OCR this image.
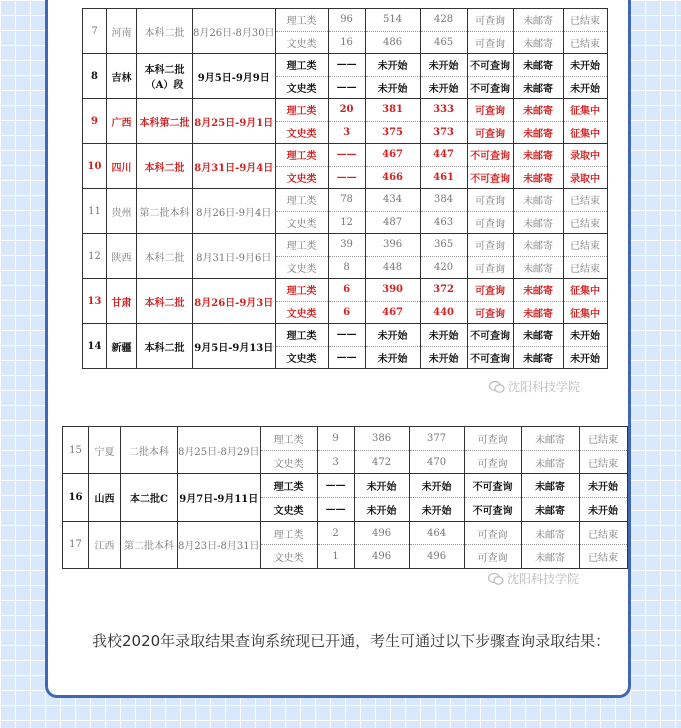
7	河南	本科二批	8月26日-8月30日	理工类	96	514	428	可查询	未邮寄	已结束
				文史类	16	486	465	可查询	未邮寄	已结束
8	吉林	本科二批（A）段	9月5日-9月9日	理工类	——	未开始	未开始	不可查询	未邮寄	未开始
				文史类	——	未开始	未开始	不可查询	未邮寄	未开始
9	广西	本科第二批	8月25日-9月1日	理工类	20	381	333	可查询	未邮寄	征集中
				文史类	3	375	373	可查询	未邮寄	征集中
10	四川	本科二批	8月31日-9月4日	理工类	——	467	447	不可查询	未邮寄	录取中
				文史类	——	466	461	不可查询	未邮寄	录取中
11	贵州	第二批本科	8月26日-9月4日	理工类	78	434	384	可查询	未邮寄	已结束
				文史类	12	487	463	可查询	未邮寄	已结束
12	陕西	本科二批	8月31日-9月6日	理工类	39	396	365	可查询	未邮寄	已结束
				文史类	8	448	420	可查询	未邮寄	已结束
13	甘肃	本科二批	8月26日-9月3日	理工类	6	390	372	可查询	未邮寄	征集中
				文史类	6	467	440	可查询	未邮寄	征集中
14	新疆	本科二批	9月5日-9月13日	理工类	——	未开始	未开始	不可查询	未邮寄	未开始
				文史类	——	未开始	未开始	不可查询	未邮寄	未开始
沈阳科技学院
15	宁夏	二批本科	8月25日-8月29日	理工类	9	386	377	可查询	未邮寄	已结束
				文史类	3	472	470	可查询	未邮寄	已结束
16	山西	本二批C	9月7日-9月11日	理工类	——	未开始	未开始	不可查询	未邮寄	未开始
				文史类	——	未开始	未开始	不可查询	未邮寄	未开始
17	江西	第二批本科	8月23日-8月31日	理工类	2	496	464	可查询	未邮寄	已结束
				文史类	1	496	496	可查询	未邮寄	已结束
沈阳科技学院

我校2020年录取结果查询系统现已开通，考生可通过以下步骤查询录取结果：
